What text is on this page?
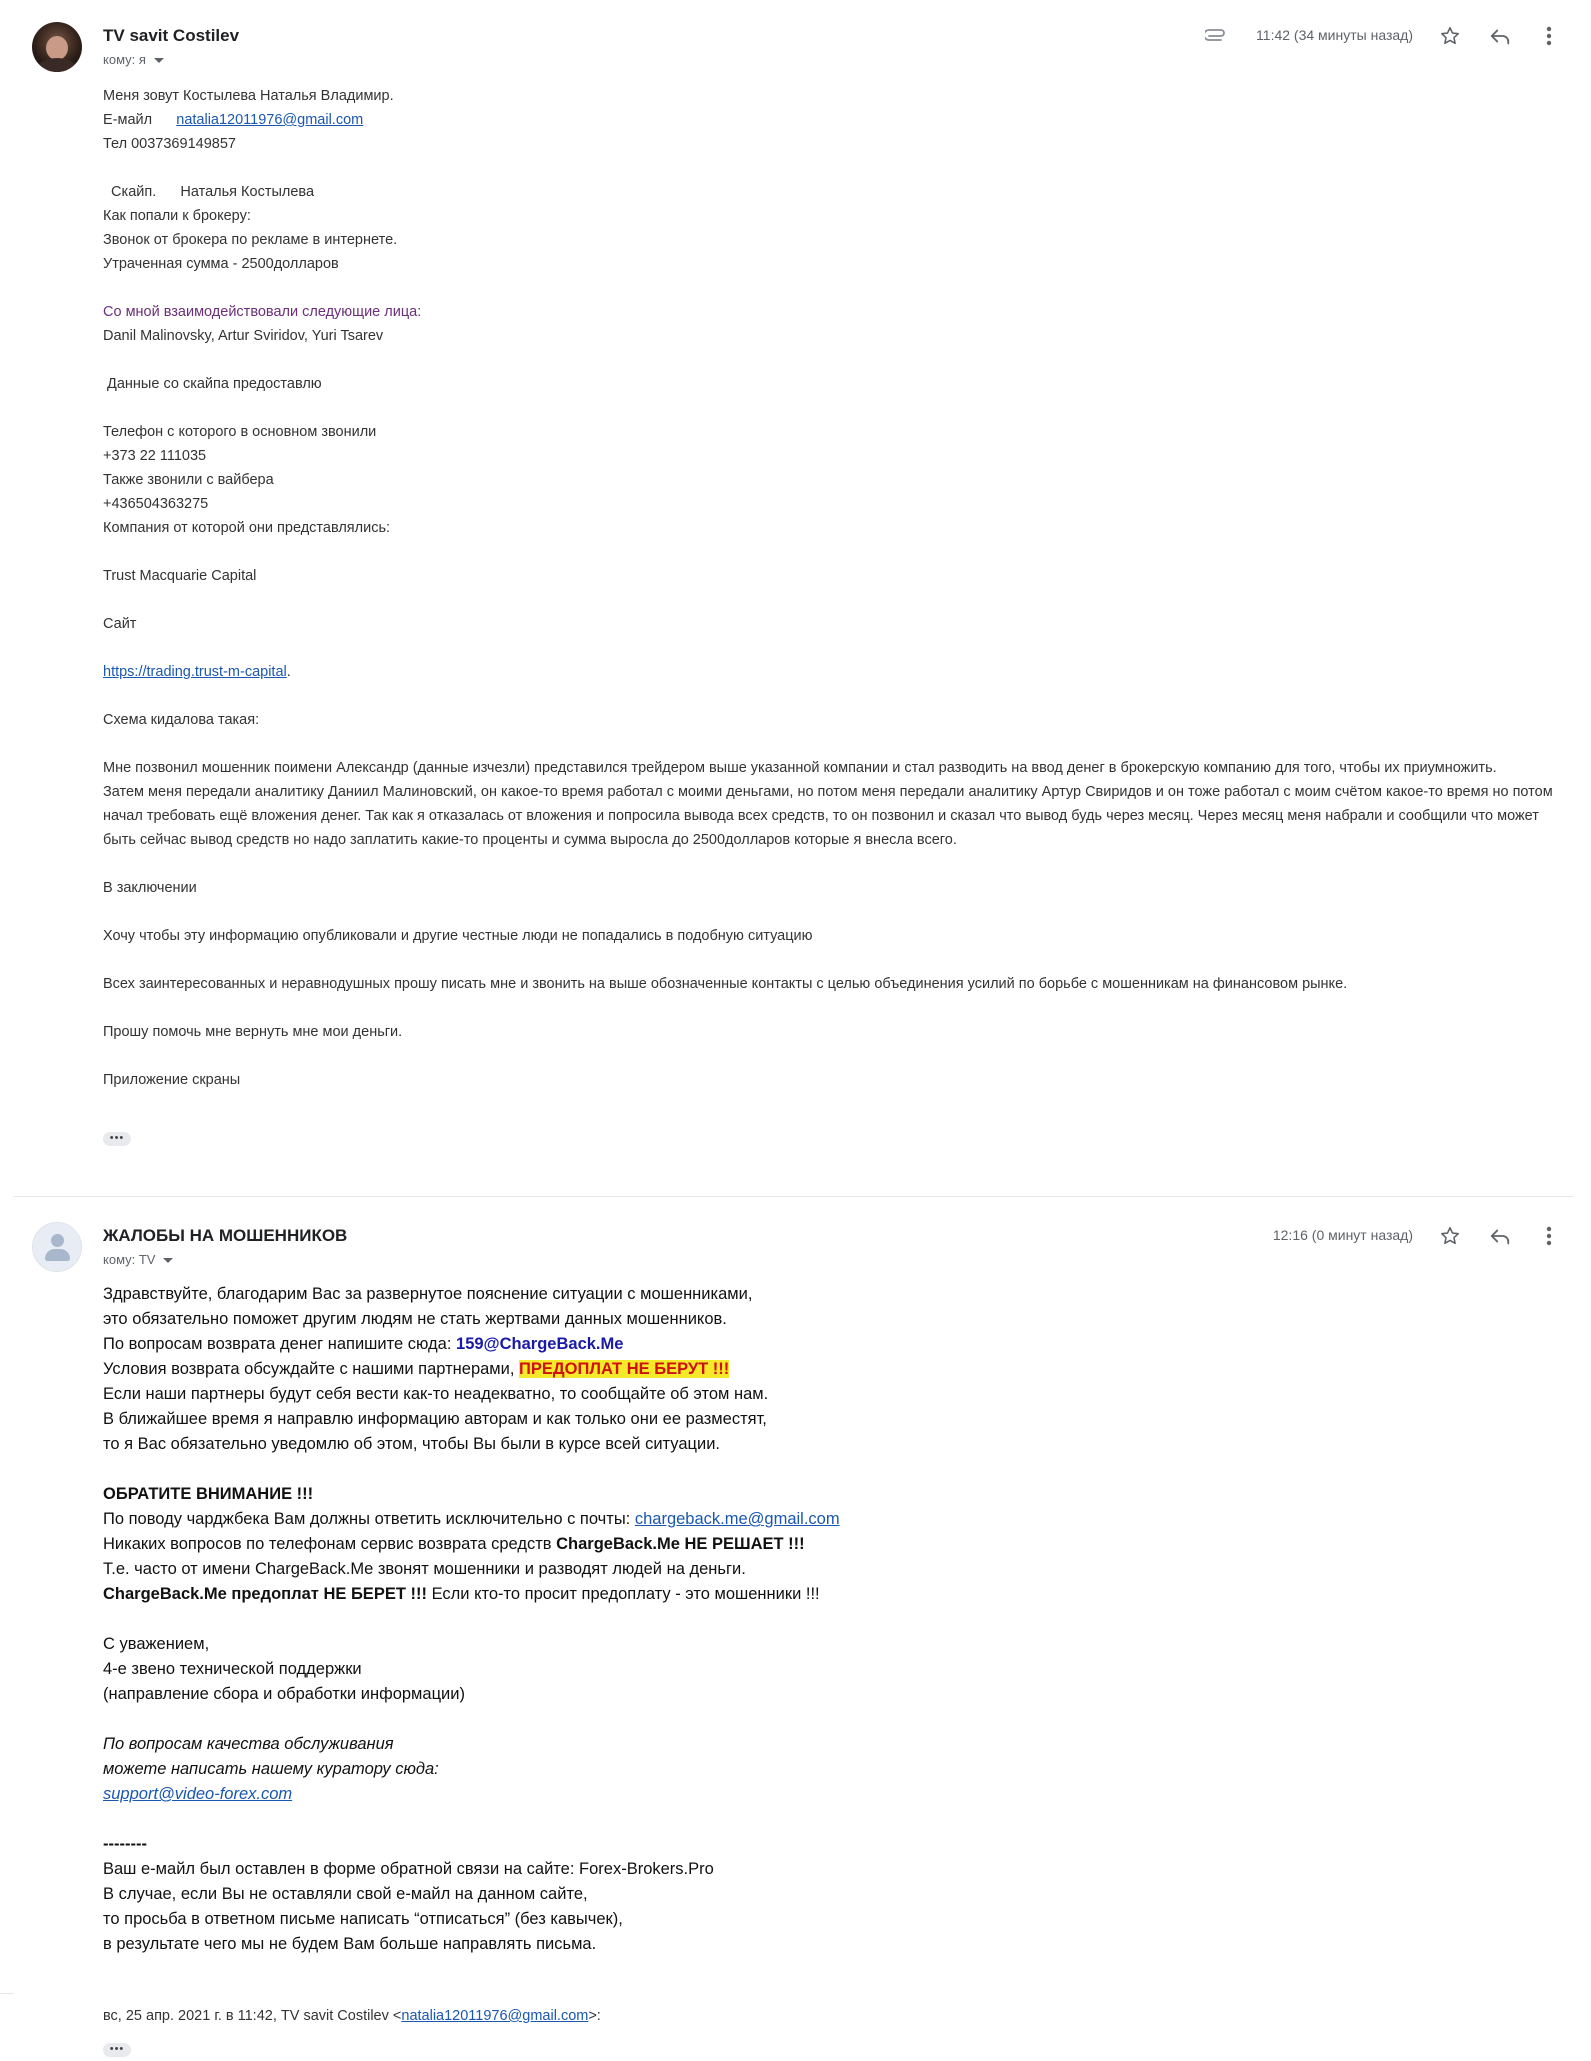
TV savit Costilev
кому: я
11:42 (34 минуты назад)
Меня зовут Костылева Наталья Владимир.
Е-майл natalia12011976@gmail.com
Тел 0037369149857

Скайп.      Наталья Костылева
Как попали к брокеру:
Звонок от брокера по рекламе в интернете.
Утраченная сумма - 2500долларов

Со мной взаимодействовали следующие лица:
Danil Malinovsky, Artur Sviridov, Yuri Tsarev

Данные со скайпа предоставлю

Телефон с которого в основном звонили
+373 22 111035
Также звонили с вайбера
+436504363275
Компания от которой они представлялись:

Trust Macquarie Capital

Сайт

https://trading.trust-m-capital.

Схема кидалова такая:

Мне позвонил мошенник поимени Александр (данные изчезли) представился трейдером выше указанной компании и стал разводить на ввод денег в брокерскую компанию для того, чтобы их приумножить.
Затем меня передали аналитику Даниил Малиновский, он какое-то время работал с моими деньгами, но потом меня передали аналитику Артур Свиридов и он тоже работал с моим счётом какое-то время но потом начал требовать ещё вложения денег. Так как я отказалась от вложения и попросила вывода всех средств, то он позвонил и сказал что вывод будь через месяц. Через месяц меня набрали и сообщили что может быть сейчас вывод средств но надо заплатить какие-то проценты и сумма выросла до 2500долларов которые я внесла всего.

В заключении

Хочу чтобы эту информацию опубликовали и другие честные люди не попадались в подобную ситуацию

Всех заинтересованных и неравнодушных прошу писать мне и звонить на выше обозначенные контакты с целью объединения усилий по борьбе с мошенникам на финансовом рынке.

Прошу помочь мне вернуть мне мои деньги.

Приложение скраны
•••
ЖАЛОБЫ НА МОШЕННИКОВ
кому: TV
12:16 (0 минут назад)
Здравствуйте, благодарим Вас за развернутое пояснение ситуации с мошенниками,
это обязательно поможет другим людям не стать жертвами данных мошенников.
По вопросам возврата денег напишите сюда: 159@ChargeBack.Me
Условия возврата обсуждайте с нашими партнерами, ПРЕДОПЛАТ НЕ БЕРУТ !!!
Если наши партнеры будут себя вести как-то неадекватно, то сообщайте об этом нам.
В ближайшее время я направлю информацию авторам и как только они ее разместят,
то я Вас обязательно уведомлю об этом, чтобы Вы были в курсе всей ситуации.

ОБРАТИТЕ ВНИМАНИЕ !!!
По поводу чарджбека Вам должны ответить исключительно с почты: chargeback.me@gmail.com
Никаких вопросов по телефонам сервис возврата средств ChargeBack.Me НЕ РЕШАЕТ !!!
Т.е. часто от имени ChargeBack.Me звонят мошенники и разводят людей на деньги.
ChargeBack.Me предоплат НЕ БЕРЕТ !!! Если кто-то просит предоплату - это мошенники !!!

С уважением,
4-е звено технической поддержки
(направление сбора и обработки информации)

По вопросам качества обслуживания
можете написать нашему куратору сюда:
support@video-forex.com

--------
Ваш е-майл был оставлен в форме обратной связи на сайте: Forex-Brokers.Pro
В случае, если Вы не оставляли свой е-майл на данном сайте,
то просьба в ответном письме написать “отписаться” (без кавычек),
в результате чего мы не будем Вам больше направлять письма.
вс, 25 апр. 2021 г. в 11:42, TV savit Costilev <natalia12011976@gmail.com>:
•••
